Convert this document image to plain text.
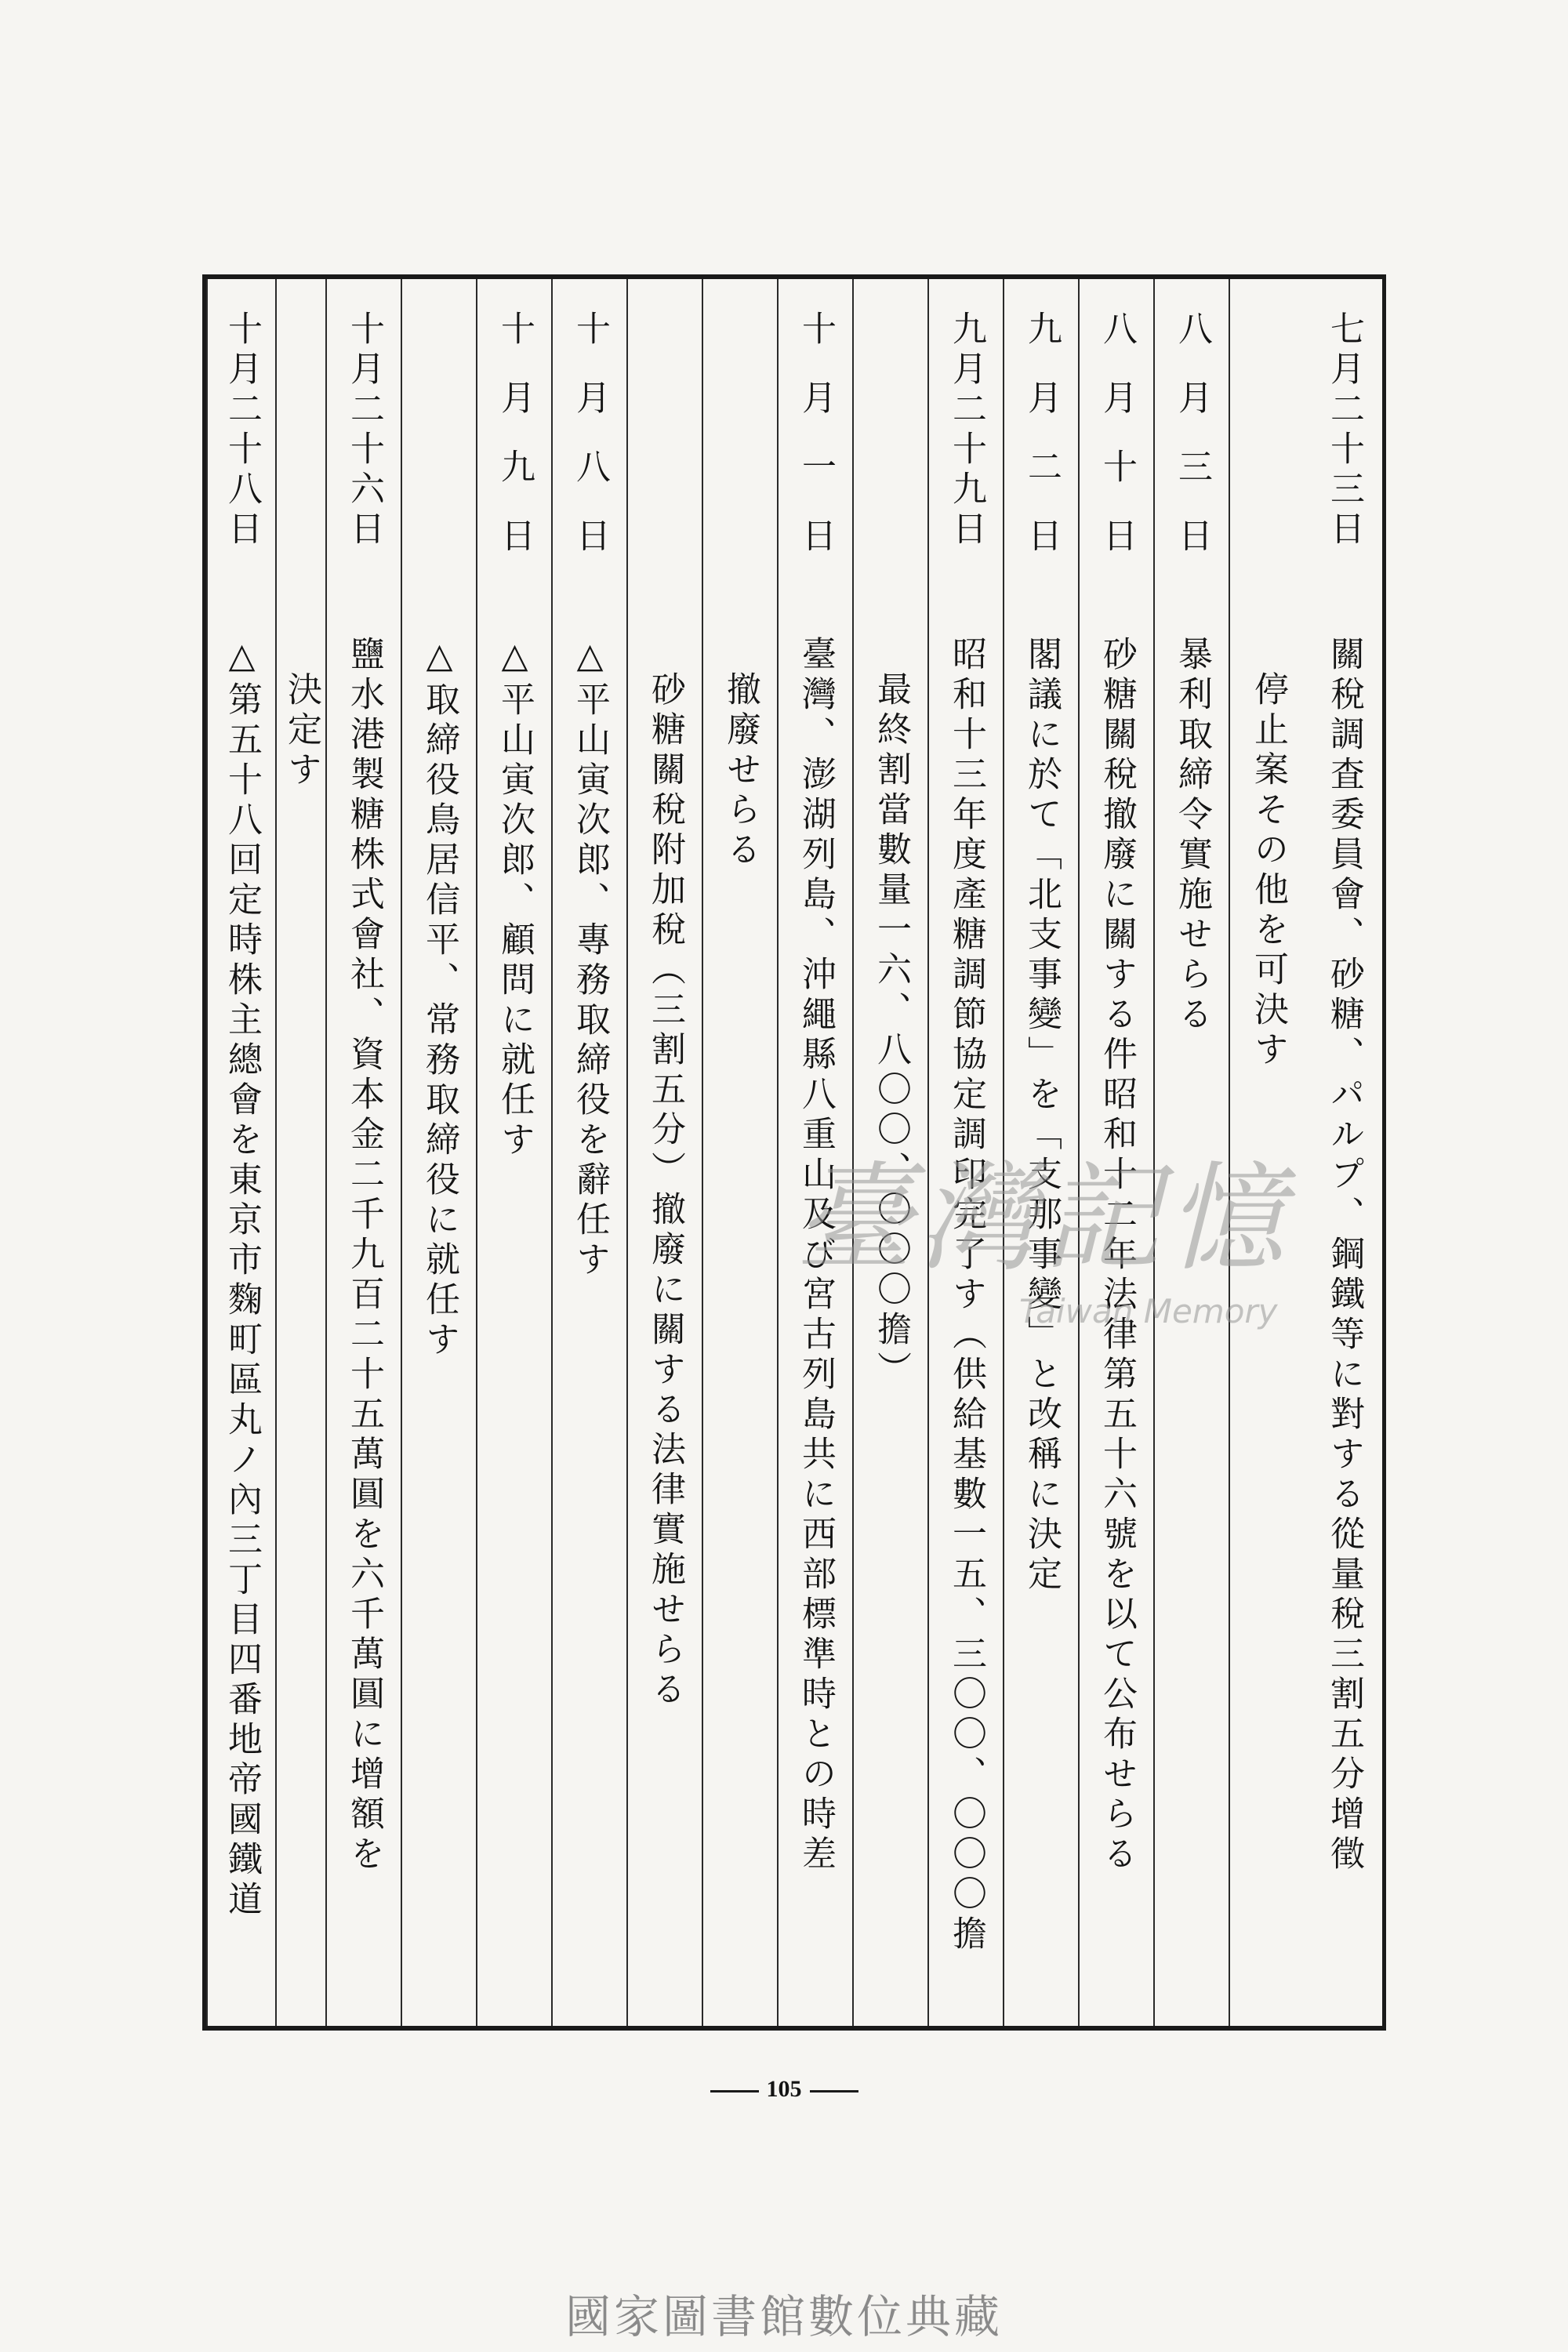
七月二十三日
關稅調査委員會、砂糖、パルプ、鋼鐵等に對する從量稅三割五分增徵
停止案その他を可決す
八月三日
暴利取締令實施せらる
八月十日
砂糖關稅撤廢に關する件昭和十二年法律第五十六號を以て公布せらる
九月二日
閣議に於て「北支事變」を「支那事變」と改稱に決定
九月二十九日
昭和十三年度產糖調節協定調印完了す（供給基數一五、三〇〇、〇〇〇擔
最終割當數量一六、八〇〇、〇〇〇擔）
十月一日
臺灣、澎湖列島、沖繩縣八重山及び宮古列島共に西部標準時との時差
撤廢せらる
砂糖關稅附加稅（三割五分）撤廢に關する法律實施せらる
十月八日
△平山寅次郎、專務取締役を辭任す
十月九日
△平山寅次郎、顧問に就任す
△取締役鳥居信平、常務取締役に就任す
十月二十六日
鹽水港製糖株式會社、資本金二千九百二十五萬圓を六千萬圓に增額を
決定す
十月二十八日
△第五十八回定時株主總會を東京市麴町區丸ノ內三丁目四番地帝國鐵道	臺灣記憶
Taiwan Memory
105
國家圖書館數位典藏
